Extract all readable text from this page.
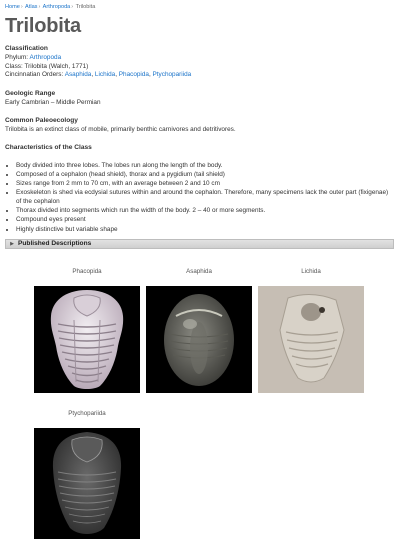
Home› Atlas› Arthropoda› Trilobita
Trilobita
Classification
Phylum: Arthropoda
Class: Trilobita (Walch, 1771)
Cincinnatian Orders: Asaphida, Lichida, Phacopida, Ptychopariida
Geologic Range
Early Cambrian – Middle Permian
Common Paleoecology
Trilobita is an extinct class of mobile, primarily benthic carnivores and detritivores.
Characteristics of the Class
• Body divided into three lobes. The lobes run along the length of the body.
• Composed of a cephalon (head shield), thorax and a pygidium (tail shield)
• Sizes range from 2 mm to 70 cm, with an average between 2 and 10 cm
• Exoskeleton is shed via ecdysial sutures within and around the cephalon. Therefore, many specimens lack the outer part (fixigenae) of the cephalon
• Thorax divided into segments which run the width of the body. 2 – 40 or more segments.
• Compound eyes present
• Highly distinctive but variable shape
▶ Published Descriptions
Phacopida	Asaphida	Lichida
Ptychopariida
